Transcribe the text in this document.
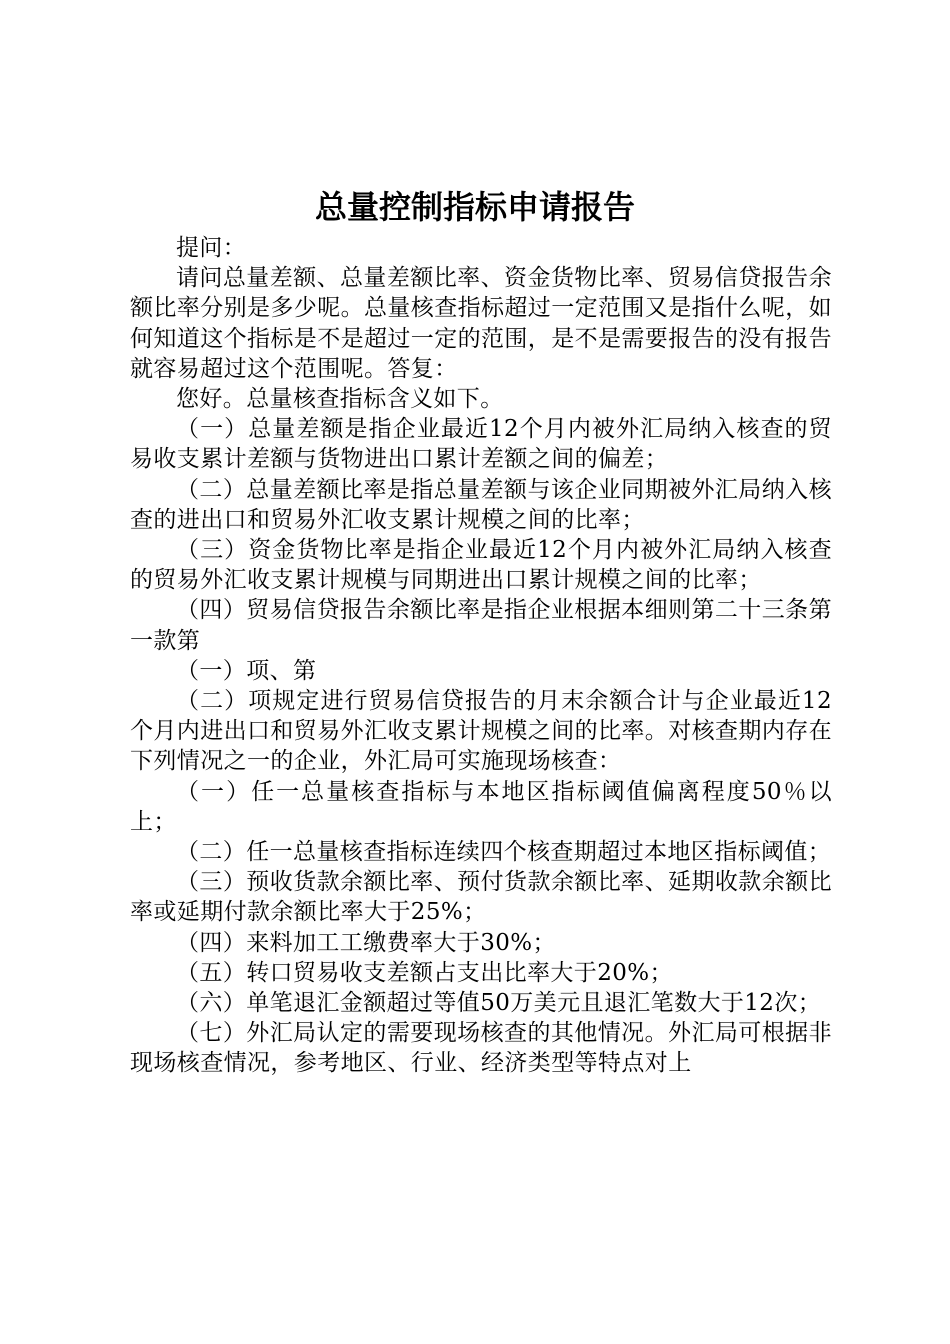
总量控制指标申请报告

提问：

请问总量差额、总量差额比率、资金货物比率、贸易信贷报告余额比率分别是多少呢。总量核查指标超过一定范围又是指什么呢，如何知道这个指标是不是超过一定的范围，是不是需要报告的没有报告就容易超过这个范围呢。答复：

您好。总量核查指标含义如下。

（一）总量差额是指企业最近12个月内被外汇局纳入核查的贸易收支累计差额与货物进出口累计差额之间的偏差；

（二）总量差额比率是指总量差额与该企业同期被外汇局纳入核查的进出口和贸易外汇收支累计规模之间的比率；

（三）资金货物比率是指企业最近12个月内被外汇局纳入核查的贸易外汇收支累计规模与同期进出口累计规模之间的比率；

（四）贸易信贷报告余额比率是指企业根据本细则第二十三条第一款第

（一）项、第

（二）项规定进行贸易信贷报告的月末余额合计与企业最近12个月内进出口和贸易外汇收支累计规模之间的比率。对核查期内存在下列情况之一的企业，外汇局可实施现场核查：

（一）任一总量核查指标与本地区指标阈值偏离程度50％以上；

（二）任一总量核查指标连续四个核查期超过本地区指标阈值；

（三）预收货款余额比率、预付货款余额比率、延期收款余额比率或延期付款余额比率大于25%；

（四）来料加工工缴费率大于30%；

（五）转口贸易收支差额占支出比率大于20%；

（六）单笔退汇金额超过等值50万美元且退汇笔数大于12次；

（七）外汇局认定的需要现场核查的其他情况。外汇局可根据非现场核查情况，参考地区、行业、经济类型等特点对上
